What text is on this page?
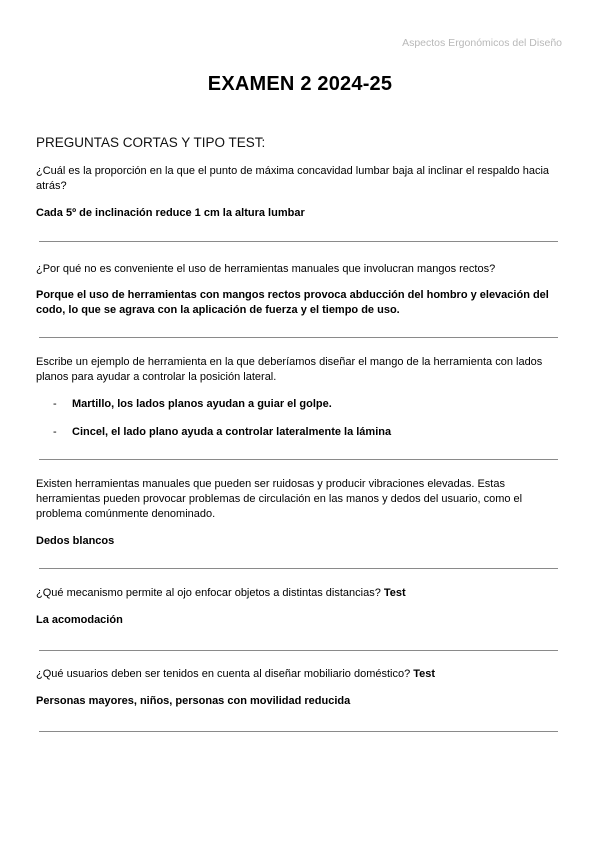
Aspectos Ergonómicos del Diseño
EXAMEN 2 2024-25
PREGUNTAS CORTAS Y TIPO TEST:

¿Cuál es la proporción en la que el punto de máxima concavidad lumbar baja al inclinar el respaldo hacia atrás?

Cada 5º de inclinación reduce 1 cm la altura lumbar

¿Por qué no es conveniente el uso de herramientas manuales que involucran mangos rectos?

Porque el uso de herramientas con mangos rectos provoca abducción del hombro y elevación del codo, lo que se agrava con la aplicación de fuerza y el tiempo de uso.

Escribe un ejemplo de herramienta en la que deberíamos diseñar el mango de la herramienta con lados planos para ayudar a controlar la posición lateral.

- Martillo, los lados planos ayudan a guiar el golpe.
- Cincel, el lado plano ayuda a controlar lateralmente la lámina

Existen herramientas manuales que pueden ser ruidosas y producir vibraciones elevadas. Estas herramientas pueden provocar problemas de circulación en las manos y dedos del usuario, como el problema comúnmente denominado.

Dedos blancos

¿Qué mecanismo permite al ojo enfocar objetos a distintas distancias? Test

La acomodación

¿Qué usuarios deben ser tenidos en cuenta al diseñar mobiliario doméstico? Test

Personas mayores, niños, personas con movilidad reducida
